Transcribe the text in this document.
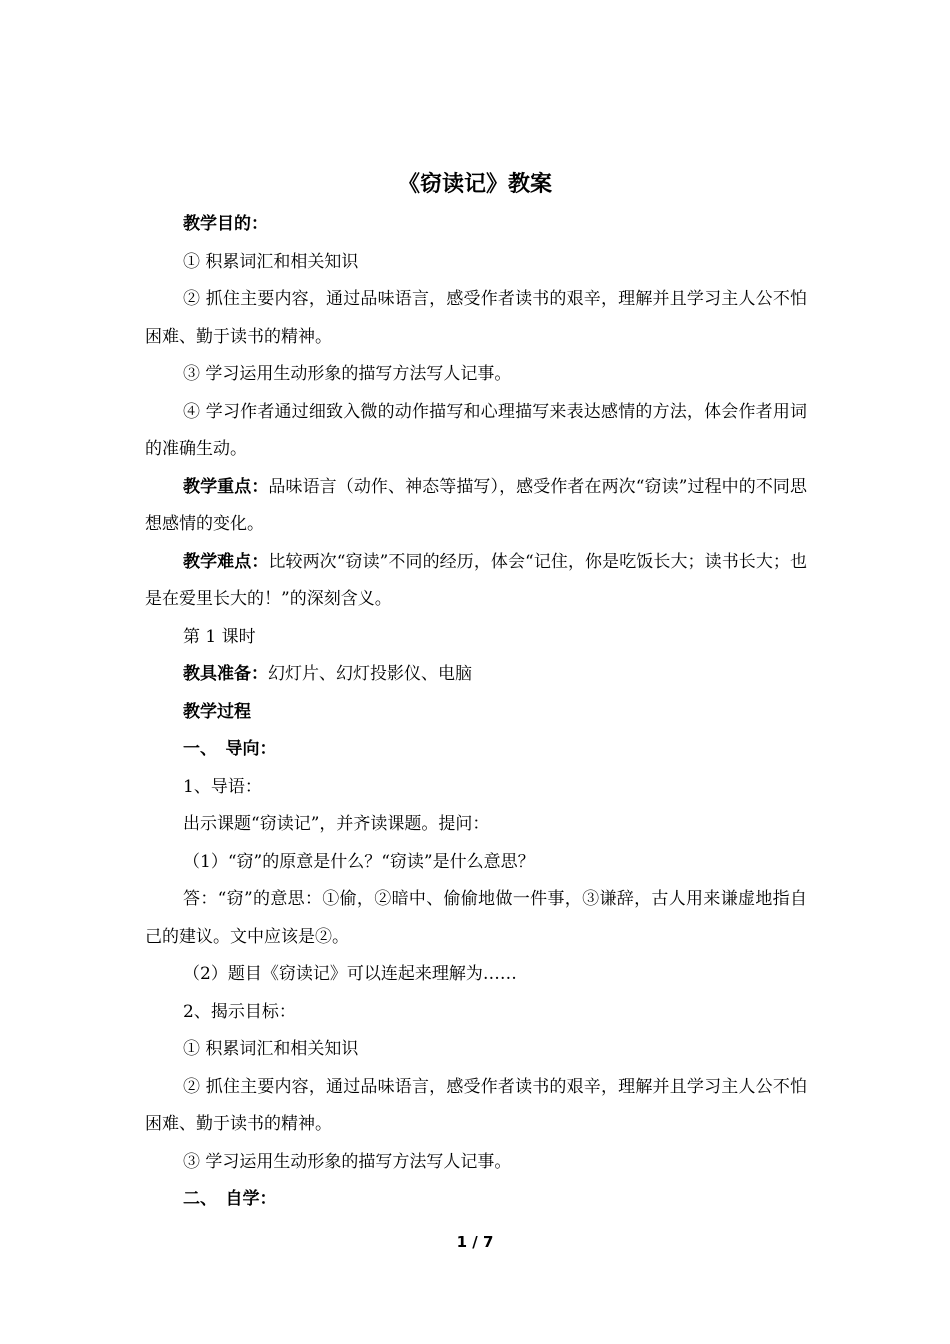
《窃读记》教案

教学目的：

① 积累词汇和相关知识

② 抓住主要内容，通过品味语言，感受作者读书的艰辛，理解并且学习主人公不怕困难、勤于读书的精神。

③ 学习运用生动形象的描写方法写人记事。

④ 学习作者通过细致入微的动作描写和心理描写来表达感情的方法，体会作者用词的准确生动。

教学重点：品味语言（动作、神态等描写），感受作者在两次“窃读”过程中的不同思想感情的变化。

教学难点：比较两次“窃读”不同的经历，体会“记住，你是吃饭长大；读书长大；也是在爱里长大的！”的深刻含义。

第 1 课时

教具准备：幻灯片、幻灯投影仪、电脑

教学过程

一、　导向：

1、导语：

出示课题“窃读记”，并齐读课题。提问：

（1）“窃”的原意是什么？“窃读”是什么意思？

答：“窃”的意思：①偷，②暗中、偷偷地做一件事，③谦辞，古人用来谦虚地指自己的建议。文中应该是②。

（2）题目《窃读记》可以连起来理解为……

2、揭示目标：

① 积累词汇和相关知识

② 抓住主要内容，通过品味语言，感受作者读书的艰辛，理解并且学习主人公不怕困难、勤于读书的精神。

③ 学习运用生动形象的描写方法写人记事。

二、　自学：

1 / 7
